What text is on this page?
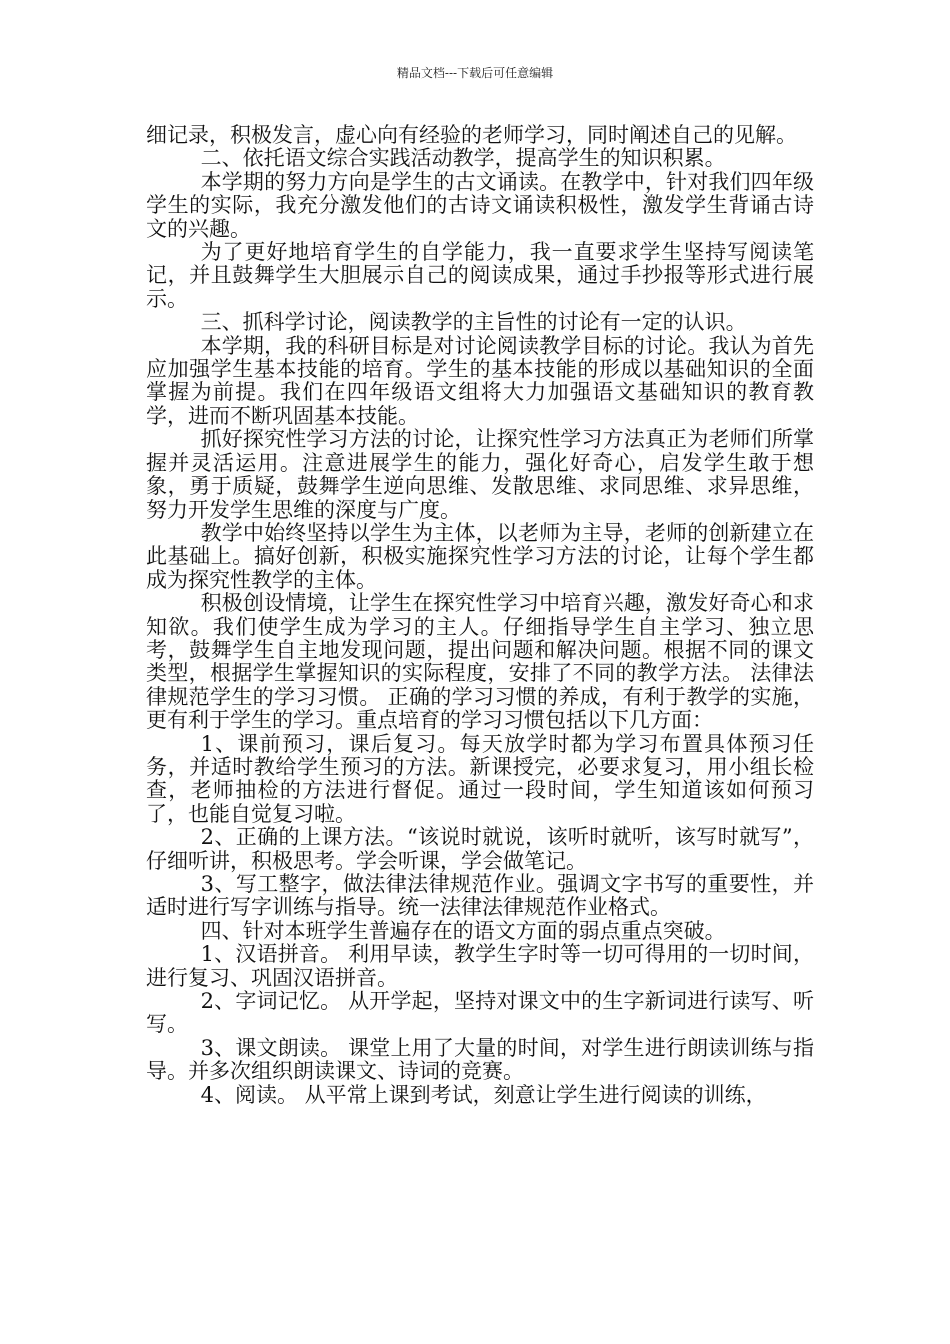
精品文档---下载后可任意编辑

细记录，积极发言，虚心向有经验的老师学习，同时阐述自己的见解。

二、依托语文综合实践活动教学，提高学生的知识积累。

本学期的努力方向是学生的古文诵读。在教学中，针对我们四年级学生的实际，我充分激发他们的古诗文诵读积极性，激发学生背诵古诗文的兴趣。

为了更好地培育学生的自学能力，我一直要求学生坚持写阅读笔记，并且鼓舞学生大胆展示自己的阅读成果，通过手抄报等形式进行展示。

三、抓科学讨论，阅读教学的主旨性的讨论有一定的认识。

本学期，我的科研目标是对讨论阅读教学目标的讨论。我认为首先应加强学生基本技能的培育。学生的基本技能的形成以基础知识的全面掌握为前提。我们在四年级语文组将大力加强语文基础知识的教育教学，进而不断巩固基本技能。

抓好探究性学习方法的讨论，让探究性学习方法真正为老师们所掌握并灵活运用。注意进展学生的能力，强化好奇心，启发学生敢于想象，勇于质疑，鼓舞学生逆向思维、发散思维、求同思维、求异思维，努力开发学生思维的深度与广度。

教学中始终坚持以学生为主体，以老师为主导，老师的创新建立在此基础上。搞好创新，积极实施探究性学习方法的讨论，让每个学生都成为探究性教学的主体。

积极创设情境，让学生在探究性学习中培育兴趣，激发好奇心和求知欲。我们使学生成为学习的主人。仔细指导学生自主学习、独立思考，鼓舞学生自主地发现问题，提出问题和解决问题。根据不同的课文类型，根据学生掌握知识的实际程度，安排了不同的教学方法。 法律法律规范学生的学习习惯。 正确的学习习惯的养成，有利于教学的实施，更有利于学生的学习。重点培育的学习习惯包括以下几方面：

1、课前预习，课后复习。每天放学时都为学习布置具体预习任务，并适时教给学生预习的方法。新课授完，必要求复习，用小组长检查，老师抽检的方法进行督促。通过一段时间，学生知道该如何预习了，也能自觉复习啦。

2、正确的上课方法。“该说时就说，该听时就听，该写时就写”，仔细听讲，积极思考。学会听课，学会做笔记。

3、写工整字，做法律法律规范作业。强调文字书写的重要性，并适时进行写字训练与指导。统一法律法律规范作业格式。

四、针对本班学生普遍存在的语文方面的弱点重点突破。

1、汉语拼音。 利用早读，教学生字时等一切可得用的一切时间，进行复习、巩固汉语拼音。

2、字词记忆。 从开学起，坚持对课文中的生字新词进行读写、听写。

3、课文朗读。 课堂上用了大量的时间，对学生进行朗读训练与指导。并多次组织朗读课文、诗词的竞赛。

4、阅读。 从平常上课到考试，刻意让学生进行阅读的训练，
